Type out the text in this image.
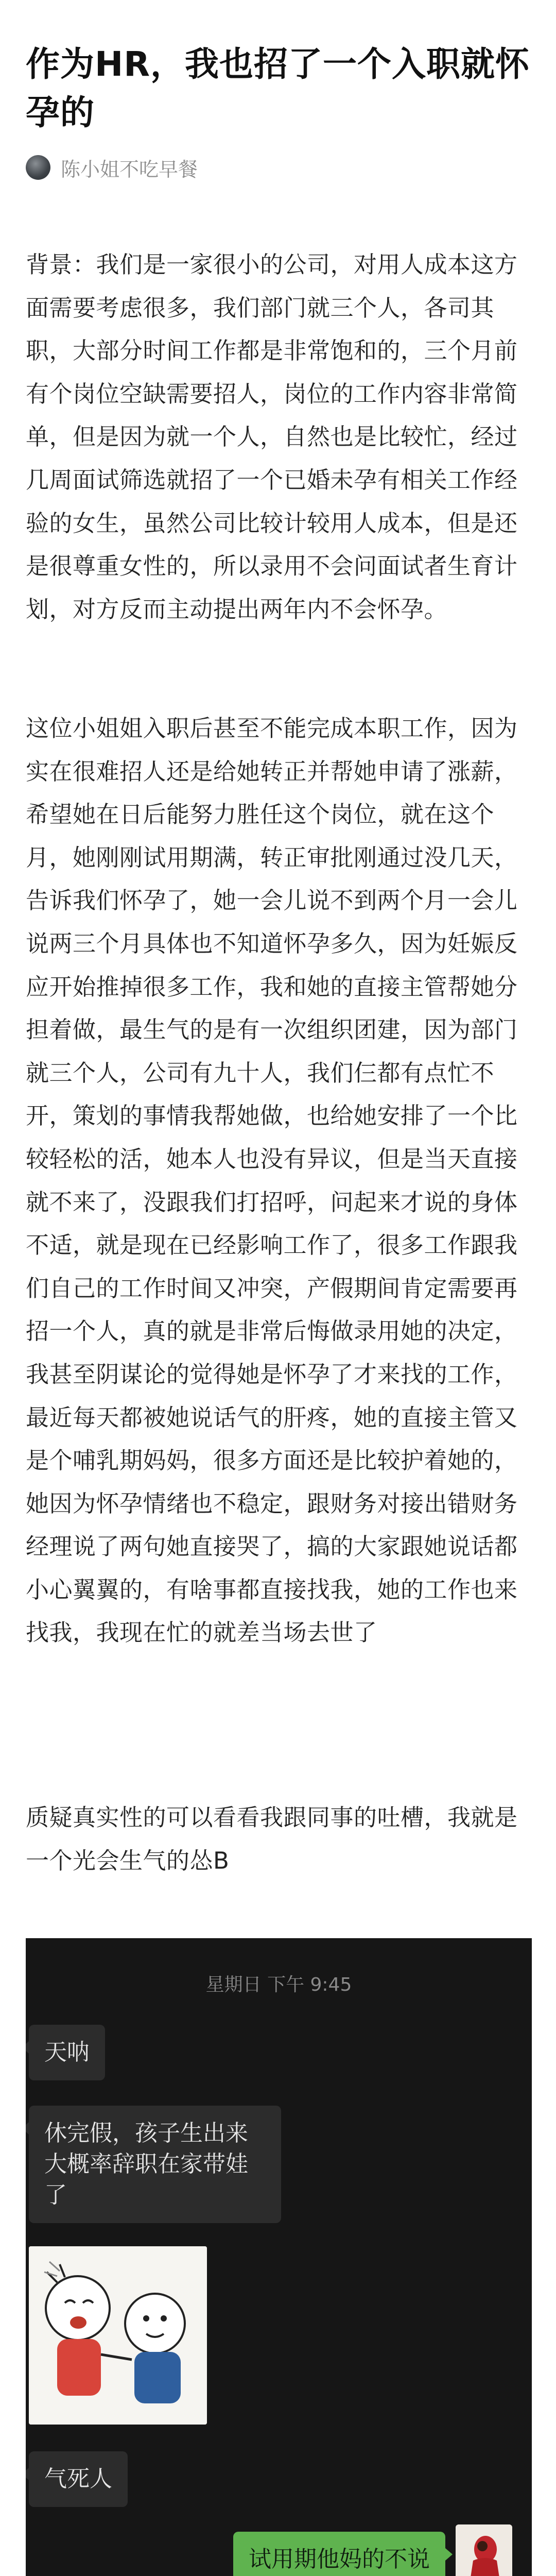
作为HR，我也招了一个入职就怀孕的
陈小姐不吃早餐
背景：我们是一家很小的公司，对用人成本这方面需要考虑很多，我们部门就三个人，各司其职，大部分时间工作都是非常饱和的，三个月前有个岗位空缺需要招人，岗位的工作内容非常简单，但是因为就一个人，自然也是比较忙，经过几周面试筛选就招了一个已婚未孕有相关工作经验的女生，虽然公司比较计较用人成本，但是还是很尊重女性的，所以录用不会问面试者生育计划，对方反而主动提出两年内不会怀孕。
这位小姐姐入职后甚至不能完成本职工作，因为实在很难招人还是给她转正并帮她申请了涨薪，希望她在日后能努力胜任这个岗位，就在这个月，她刚刚试用期满，转正审批刚通过没几天，告诉我们怀孕了，她一会儿说不到两个月一会儿说两三个月具体也不知道怀孕多久，因为妊娠反应开始推掉很多工作，我和她的直接主管帮她分担着做，最生气的是有一次组织团建，因为部门就三个人，公司有九十人，我们仨都有点忙不开，策划的事情我帮她做，也给她安排了一个比较轻松的活，她本人也没有异议，但是当天直接就不来了，没跟我们打招呼，问起来才说的身体不适，就是现在已经影响工作了，很多工作跟我们自己的工作时间又冲突，产假期间肯定需要再招一个人，真的就是非常后悔做录用她的决定，我甚至阴谋论的觉得她是怀孕了才来找的工作，最近每天都被她说话气的肝疼，她的直接主管又是个哺乳期妈妈，很多方面还是比较护着她的，她因为怀孕情绪也不稳定，跟财务对接出错财务经理说了两句她直接哭了，搞的大家跟她说话都小心翼翼的，有啥事都直接找我，她的工作也来找我，我现在忙的就差当场去世了
质疑真实性的可以看看我跟同事的吐槽，我就是一个光会生气的怂B
星期日 下午 9:45
天呐
休完假，孩子生出来大概率辞职在家带娃了
气死人
试用期他妈的不说
